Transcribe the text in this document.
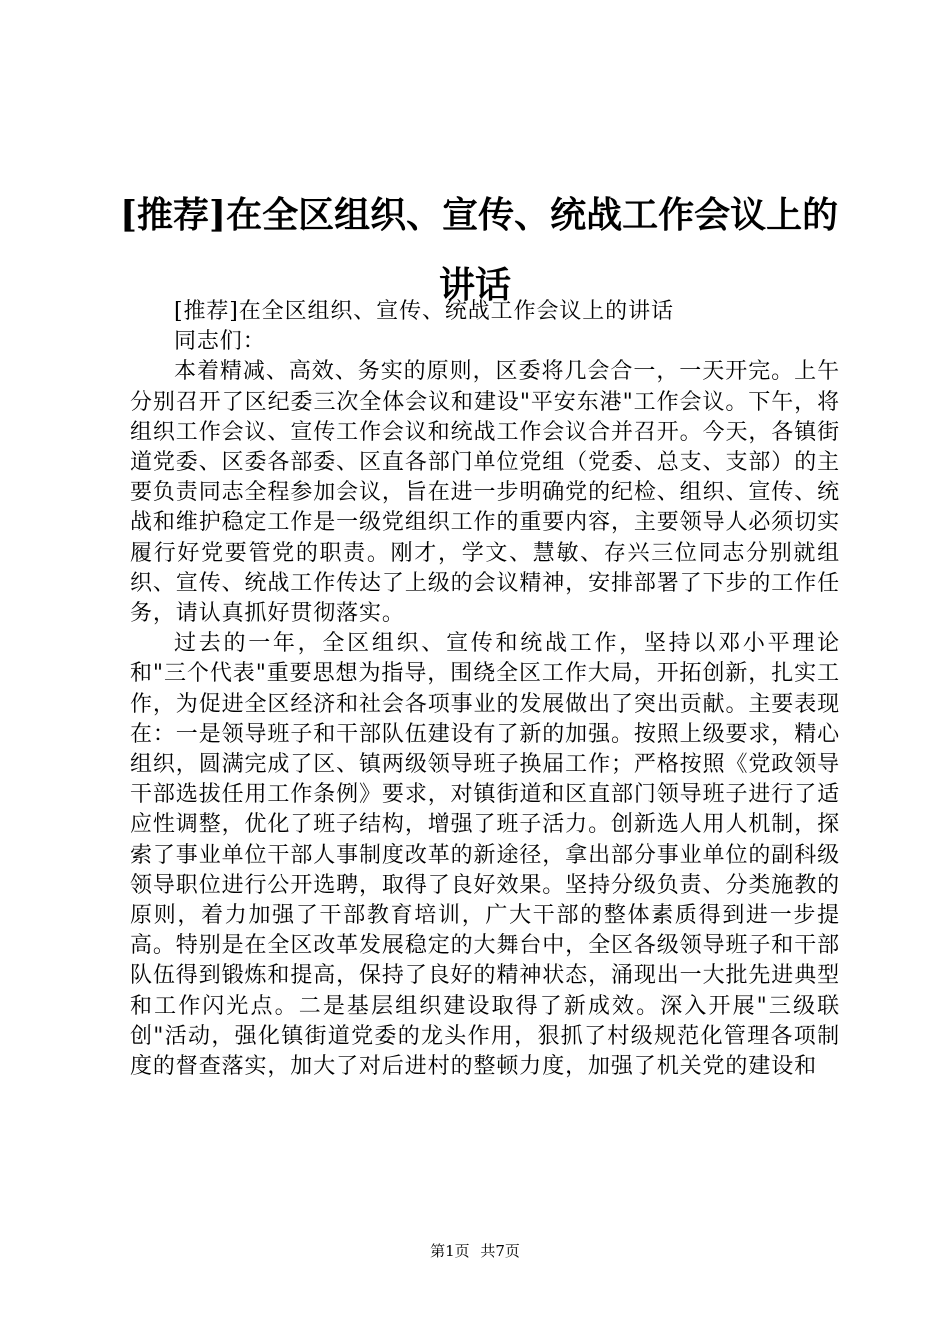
[推荐]在全区组织、宣传、统战工作会议上的
讲话

[推荐]在全区组织、宣传、统战工作会议上的讲话

同志们：

本着精减、高效、务实的原则，区委将几会合一，一天开完。上午分别召开了区纪委三次全体会议和建设"平安东港"工作会议。下午，将组织工作会议、宣传工作会议和统战工作会议合并召开。今天，各镇街道党委、区委各部委、区直各部门单位党组（党委、总支、支部）的主要负责同志全程参加会议，旨在进一步明确党的纪检、组织、宣传、统战和维护稳定工作是一级党组织工作的重要内容，主要领导人必须切实履行好党要管党的职责。刚才，学文、慧敏、存兴三位同志分别就组织、宣传、统战工作传达了上级的会议精神，安排部署了下步的工作任务，请认真抓好贯彻落实。

过去的一年，全区组织、宣传和统战工作，坚持以邓小平理论和"三个代表"重要思想为指导，围绕全区工作大局，开拓创新，扎实工作，为促进全区经济和社会各项事业的发展做出了突出贡献。主要表现在：一是领导班子和干部队伍建设有了新的加强。按照上级要求，精心组织，圆满完成了区、镇两级领导班子换届工作；严格按照《党政领导干部选拔任用工作条例》要求，对镇街道和区直部门领导班子进行了适应性调整，优化了班子结构，增强了班子活力。创新选人用人机制，探索了事业单位干部人事制度改革的新途径，拿出部分事业单位的副科级领导职位进行公开选聘，取得了良好效果。坚持分级负责、分类施教的原则，着力加强了干部教育培训，广大干部的整体素质得到进一步提高。特别是在全区改革发展稳定的大舞台中，全区各级领导班子和干部队伍得到锻炼和提高，保持了良好的精神状态，涌现出一大批先进典型和工作闪光点。二是基层组织建设取得了新成效。深入开展"三级联创"活动，强化镇街道党委的龙头作用，狠抓了村级规范化管理各项制度的督查落实，加大了对后进村的整顿力度，加强了机关党的建设和

第1页 共7页
